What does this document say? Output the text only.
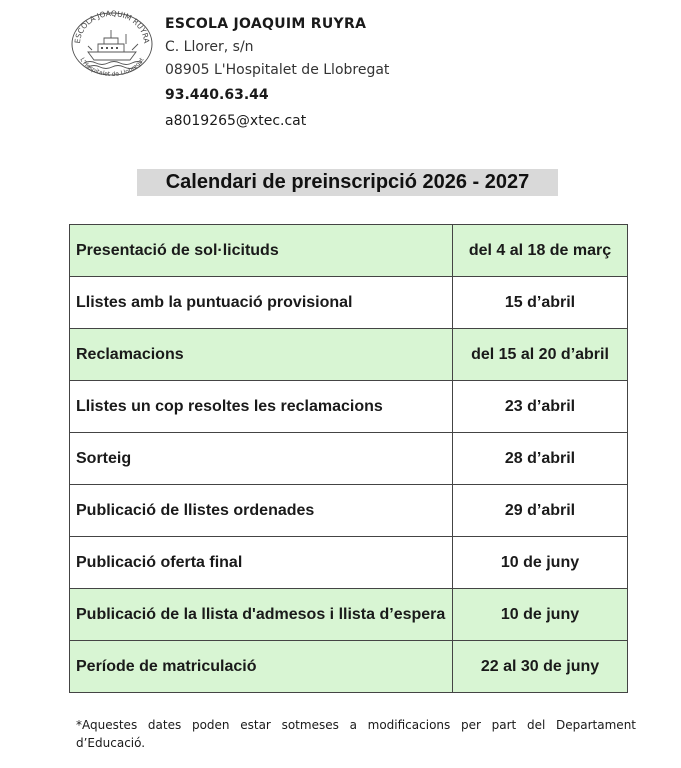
ESCOLA JOAQUIM RUYRA
L'Hospitalet de Llobregat
ESCOLA JOAQUIM RUYRA
C. Llorer, s/n
08905 L'Hospitalet de Llobregat
93.440.63.44
a8019265@xtec.cat
Calendari de preinscripció 2026 - 2027
Presentació de sol·licituds	del 4 al 18 de març
Llistes amb la puntuació provisional	15 d’abril
Reclamacions	del 15 al 20 d’abril
Llistes un cop resoltes les reclamacions	23 d’abril
Sorteig	28 d’abril
Publicació de llistes ordenades	29 d’abril
Publicació oferta final	10 de juny
Publicació de la llista d'admesos i llista d’espera	10 de juny
Període de matriculació	22 al 30 de juny
*Aquestes dates poden estar sotmeses a modificacions per part del Departament d’Educació.
